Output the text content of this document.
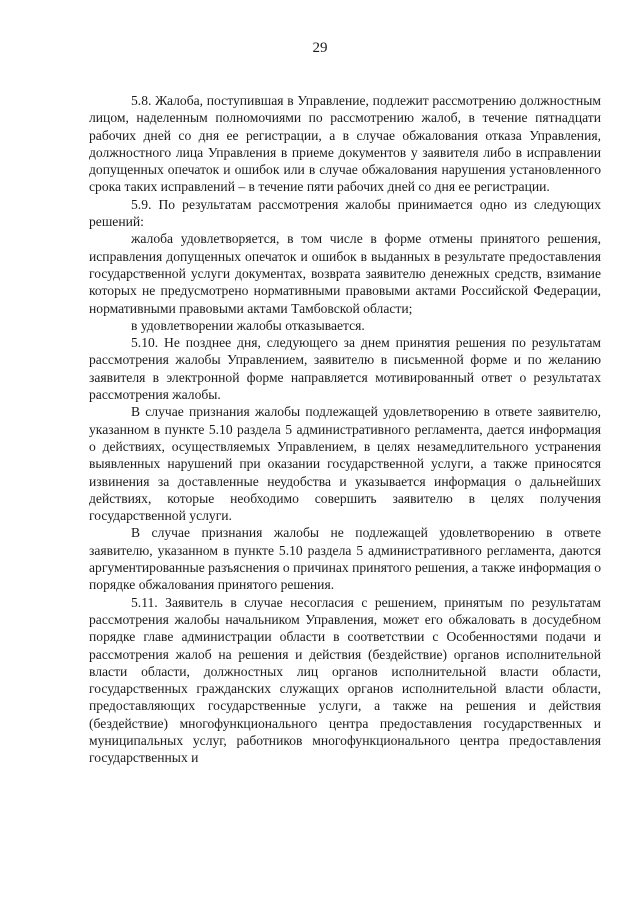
29

5.8. Жалоба, поступившая в Управление, подлежит рассмотрению должностным лицом, наделенным полномочиями по рассмотрению жалоб, в течение пятнадцати рабочих дней со дня ее регистрации, а в случае обжалования отказа Управления, должностного лица Управления в приеме документов у заявителя либо в исправлении допущенных опечаток и ошибок или в случае обжалования нарушения установленного срока таких исправлений – в течение пяти рабочих дней со дня ее регистрации.

5.9. По результатам рассмотрения жалобы принимается одно из следующих решений:

жалоба удовлетворяется, в том числе в форме отмены принятого решения, исправления допущенных опечаток и ошибок в выданных в результате предоставления государственной услуги документах, возврата заявителю денежных средств, взимание которых не предусмотрено нормативными правовыми актами Российской Федерации, нормативными правовыми актами Тамбовской области;

в удовлетворении жалобы отказывается.

5.10. Не позднее дня, следующего за днем принятия решения по результатам рассмотрения жалобы Управлением, заявителю в письменной форме и по желанию заявителя в электронной форме направляется мотивированный ответ о результатах рассмотрения жалобы.

В случае признания жалобы подлежащей удовлетворению в ответе заявителю, указанном в пункте 5.10 раздела 5 административного регламента, дается информация о действиях, осуществляемых Управлением, в целях незамедлительного устранения выявленных нарушений при оказании государственной услуги, а также приносятся извинения за доставленные неудобства и указывается информация о дальнейших действиях, которые необходимо совершить заявителю в целях получения государственной услуги.

В случае признания жалобы не подлежащей удовлетворению в ответе заявителю, указанном в пункте 5.10 раздела 5 административного регламента, даются аргументированные разъяснения о причинах принятого решения, а также информация о порядке обжалования принятого решения.

5.11. Заявитель в случае несогласия с решением, принятым по результатам рассмотрения жалобы начальником Управления, может его обжаловать в досудебном порядке главе администрации области в соответствии с Особенностями подачи и рассмотрения жалоб на решения и действия (бездействие) органов исполнительной власти области, должностных лиц органов исполнительной власти области, государственных гражданских служащих органов исполнительной власти области, предоставляющих государственные услуги, а также на решения и действия (бездействие) многофункционального центра предоставления государственных и муниципальных услуг, работников многофункционального центра предоставления государственных и
